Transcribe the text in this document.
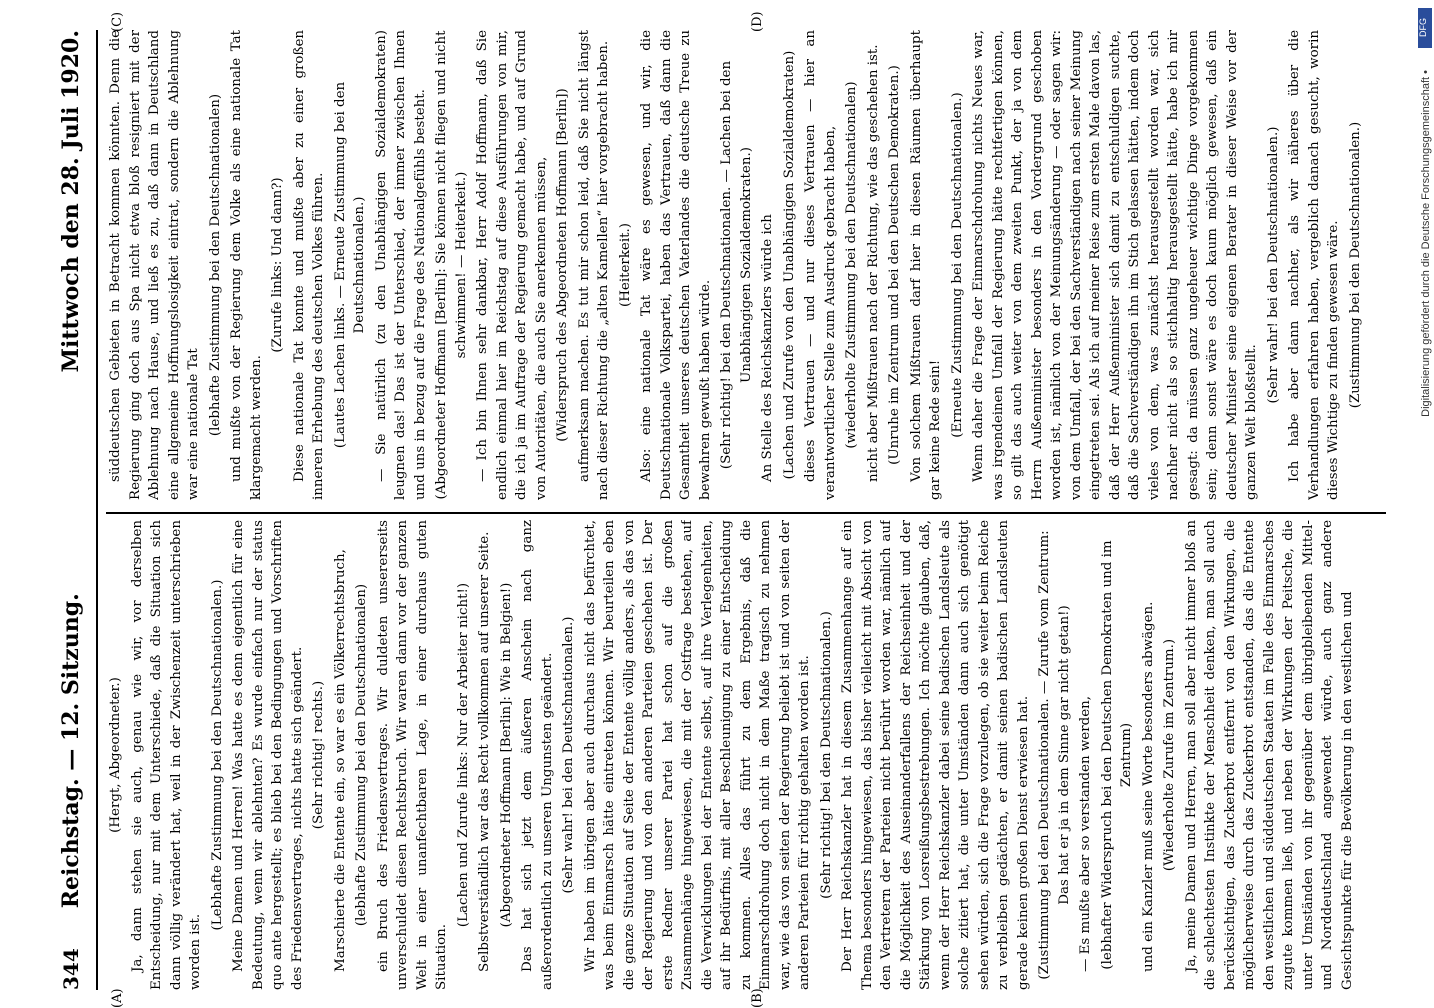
344
Reichstag. — 12. Sitzung.
Mittwoch den 28. Juli 1920.
(A)	(B)
(C)	(D)

(Hergt, Abgeordneter.) Ja, dann stehen sie auch, genau wie wir, vor derselben Entscheidung, nur mit dem Unterschiede, daß die Situation sich dann völlig verändert hat, weil in der Zwischenzeit unterschrieben worden ist.

(Lebhafte Zustimmung bei den Deutschnationalen.) Meine Damen und Herren! Was hatte es denn eigentlich für eine Bedeutung, wenn wir ablehnten? Es wurde einfach nur der status quo ante hergestellt; es blieb bei den Bedingungen und Vorschriften des Friedensvertrages, nichts hatte sich geändert. (Sehr richtig! rechts.) Marschierte die Entente ein, so war es ein Völkerrechtsbruch, (lebhafte Zustimmung bei den Deutschnationalen) ein Bruch des Friedensvertrages. Wir duldeten unsererseits unverschuldet diesen Rechtsbruch. Wir waren dann vor der ganzen Welt in einer unanfechtbaren Lage, in einer durchaus guten Situation.

(Lachen und Zurufe links: Nur der Arbeiter nicht!) Selbstverständlich war das Recht vollkommen auf unserer Seite. (Abgeordneter Hoffmann [Berlin]: Wie in Belgien!) Das hat sich jetzt dem äußeren Anschein nach ganz außerordentlich zu unseren Ungunsten geändert. (Sehr wahr! bei den Deutschnationalen.) Wir haben im übrigen aber auch durchaus nicht das befürchtet, was beim Einmarsch hätte eintreten können. Wir beurteilen eben die ganze Situation auf Seite der Entente völlig anders, als das von der Regierung und von den anderen Parteien geschehen ist. Der erste Redner unserer Partei hat schon auf die großen Zusammenhänge hingewiesen, die mit der Ostfrage bestehen, auf die Verwicklungen bei der Entente selbst, auf ihre Verlegenheiten, auf ihr Bedürfnis, mit aller Beschleunigung zu einer Entscheidung zu kommen. Alles das führt zu dem Ergebnis, daß die Einmarschdrohung doch nicht in dem Maße tragisch zu nehmen war, wie das von seiten der Regierung beliebt ist und von seiten der anderen Parteien für richtig gehalten worden ist. (Sehr richtig! bei den Deutschnationalen.) Der Herr Reichskanzler hat in diesem Zusammenhange auf ein Thema besonders hingewiesen, das bisher vielleicht mit Absicht von den Vertretern der Parteien nicht berührt worden war, nämlich auf die Möglichkeit des Auseinanderfallens der Reichseinheit und der Stärkung von Losreißungsbestrebungen. Ich möchte glauben, daß, wenn der Herr Reichskanzler dabei seine badischen Landsleute als solche zitiert hat, die unter Umständen dann auch sich genötigt sehen würden, sich die Frage vorzulegen, ob sie weiter beim Reiche zu verbleiben gedächten, er damit seinen badischen Landsleuten gerade keinen großen Dienst erwiesen hat. (Zustimmung bei den Deutschnationalen. — Zurufe vom Zentrum: Das hat er ja in dem Sinne gar nicht getan!) — Es mußte aber so verstanden werden, (lebhafter Widerspruch bei den Deutschen Demokraten und im Zentrum) und ein Kanzler muß seine Worte besonders abwägen. (Wiederholte Zurufe im Zentrum.) Ja, meine Damen und Herren, man soll aber nicht immer bloß an die schlechtesten Instinkte der Menschheit denken, man soll auch berücksichtigen, das Zuckerbrot entfernt von den Wirkungen, die möglicherweise durch das Zuckerbrot entstanden, das die Entente den westlichen und süddeutschen Staaten im Falle des Einmarsches zugute kommen ließ, und neben der Wirkungen der Peitsche, die unter Umständen von ihr gegenüber dem übrigbleibenden Mittel- und Norddeutschland angewendet würde, auch ganz andere Gesichtspunkte für die Bevölkerung in den westlichen und

süddeutschen Gebieten in Betracht kommen könnten. Denn die Regierung ging doch aus Spa nicht etwa bloß resigniert mit der Ablehnung nach Hause, und ließ es zu, daß dann in Deutschland eine allgemeine Hoffnungslosigkeit eintrat, sondern die Ablehnung war eine nationale Tat (lebhafte Zustimmung bei den Deutschnationalen) und mußte von der Regierung dem Volke als eine nationale Tat klargemacht werden.

(Zurufe links: Und dann?) Diese nationale Tat konnte und mußte aber zu einer großen inneren Erhebung des deutschen Volkes führen. (Lautes Lachen links. — Erneute Zustimmung bei den Deutschnationalen.) — Sie natürlich (zu den Unabhängigen Sozialdemokraten) leugnen das! Das ist der Unterschied, der immer zwischen Ihnen und uns in bezug auf die Frage des Nationalgefühls besteht. (Abgeordneter Hoffmann [Berlin]: Sie können nicht fliegen und nicht schwimmen! — Heiterkeit.) — Ich bin Ihnen sehr dankbar, Herr Adolf Hoffmann, daß Sie endlich einmal hier im Reichstag auf diese Ausführungen von mir, die ich ja im Auftrage der Regierung gemacht habe, und auf Grund von Autoritäten, die auch Sie anerkennen müssen, (Widerspruch des Abgeordneten Hoffmann [Berlin]) aufmerksam machen. Es tut mir schon leid, daß Sie nicht längst nach dieser Richtung die „alten Kamellen“ hier vorgebracht haben. (Heiterkeit.) Also: eine nationale Tat wäre es gewesen, und wir, die Deutschnationale Volkspartei, haben das Vertrauen, daß dann die Gesamtheit unseres deutschen Vaterlandes die deutsche Treue zu bewahren gewußt haben würde. (Sehr richtig! bei den Deutschnationalen. — Lachen bei den Unabhängigen Sozialdemokraten.) An Stelle des Reichskanzlers würde ich (Lachen und Zurufe von den Unabhängigen Sozialdemokraten) dieses Vertrauen — und nur dieses Vertrauen — hier an verantwortlicher Stelle zum Ausdruck gebracht haben, (wiederholte Zustimmung bei den Deutschnationalen) nicht aber Mißtrauen nach der Richtung, wie das geschehen ist. (Unruhe im Zentrum und bei den Deutschen Demokraten.) Von solchem Mißtrauen darf hier in diesen Räumen überhaupt gar keine Rede sein! (Erneute Zustimmung bei den Deutschnationalen.) Wenn daher die Frage der Einmarschdrohung nichts Neues war, was irgendeinen Umfall der Regierung hätte rechtfertigen können, so gilt das auch weiter von dem zweiten Punkt, der ja von dem Herrn Außenminister besonders in den Vordergrund geschoben worden ist, nämlich von der Meinungsänderung — oder sagen wir: von dem Umfall, der bei den Sachverständigen nach seiner Meinung eingetreten sei. Als ich auf meiner Reise zum ersten Male davon las, daß der Herr Außenminister sich damit zu entschuldigen suchte, daß die Sachverständigen ihn im Stich gelassen hätten, indem doch vieles von dem, was zunächst herausgestellt worden war, sich nachher nicht als so stichhaltig herausgestellt hätte, habe ich mir gesagt: da müssen ganz ungeheuer wichtige Dinge vorgekommen sein; denn sonst wäre es doch kaum möglich gewesen, daß ein deutscher Minister seine eigenen Berater in dieser Weise vor der ganzen Welt bloßstellt.

(Sehr wahr! bei den Deutschnationalen.) Ich habe aber dann nachher, als wir näheres über die Verhandlungen erfahren haben, vergeblich danach gesucht, worin dieses Wichtige zu finden gewesen wäre. (Zustimmung bei den Deutschnationalen.)

DFG
Digitalisierung gefördert durch die Deutsche Forschungsgemeinschaft •
